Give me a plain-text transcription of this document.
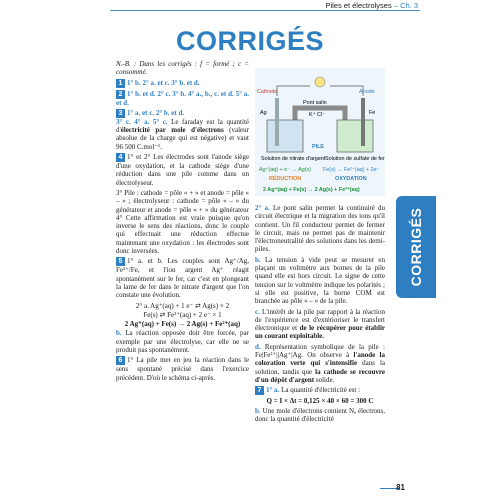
Piles et électrolyses – Ch. 3
CORRIGÉS

N.-B. : Dans les corrigés : f = formé ; c = consommé.

1 1° b. 2° a. et c. 3° b. et d.

2 1° b. et d. 2° c. 3° b. 4° a., b., c. et d. 5° a. et d.

3 1° a. et c. 2° b. et d.
3° c. 4° a. 5° c. Le faraday est la quantité d'électricité par mole d'électrons (valeur absolue de la charge qui est négative) et vaut 96 500 C.mol⁻¹.

4 1° et 2° Les électrodes sont l'anode siège d'une oxydation, et la cathode siège d'une réduction dans une pile comme dans un électrolyseur.

3° Pile : cathode = pôle « + » et anode = pôle « – » ; électrolyseur : cathode = pôle « – » du générateur et anode = pôle « + » du générateur 4° Cette affirmation est vraie puisque qu'on inverse le sens des réactions, donc le couple qui effectuait une réduction effectue maintenant une oxydation : les électrodes sont donc inversées.

5 1° a. et b. Les couples sont Ag⁺/Ag, Fe³⁺/Fe, et l'ion argent Ag⁺ réagit spontanément sur le fer, car c'est en plongeant la lame de fer dans le nitrate d'argent que l'on constate une évolution.

2° a. Ag⁺(aq) + 1 e⁻ ⇄ Ag(s) × 2

Fe(s) ⇄ Fe²⁺(aq) + 2 e⁻ × 1

2 Ag⁺(aq) + Fe(s) → 2 Ag(s) + Fe²⁺(aq)

b. La réaction opposée doit être forcée, par exemple par une électrolyse, car elle ne se produit pas spontanément.

6 1° La pile met en jeu la réaction dans le sens spontané précisé dans l'exercice précédent. D'où le schéma ci-après.

Cathode	Anode
Pont salin
K⁺ Cl⁻
Ag	Fe
PILE
Solution de nitrate d'argent Solution de sulfate de fer II
Ag⁺(aq) + e⁻ → Ag(s) Fe(s) → Fe²⁺(aq) + 2e⁻
RÉDUCTION	OXYDATION
2 Ag⁺(aq) + Fe(s) → 2 Ag(s) + Fe²⁺(aq)

2° a. Le pont salin permet la continuité du circuit électrique et la migration des ions qu'il contient. Un fil conducteur permet de fermer le circuit, mais ne permet pas de maintenir l'électroneutralité des solutions dans les demi-piles.

b. La tension à vide peut se mesurer en plaçant un voltmètre aux bornes de la pile quand elle est hors circuit. Le signe de cette tension sur le voltmètre indique les polarités ; si elle est positive, la borne COM est branchée au pôle « – » de la pile.

c. L'intérêt de la pile par rapport à la réaction de l'expérience est d'extérioriser le transfert électronique et de le récupérer pour établir un courant exploitable.

d. Représentation symbolique de la pile : Fe|Fe²⁺||Ag⁺|Ag. On observe à l'anode la coloration verte qui s'intensifie dans la solution, tandis que la cathode se recouvre d'un dépôt d'argent solide.

7 1° a. La quantité d'électricité est :

Q = I × Δt = 0,125 × 40 × 60 = 300 C

b. Une mole d'électrons contient Nₐ électrons, donc la quantité d'électricité

CORRIGÉS
81
